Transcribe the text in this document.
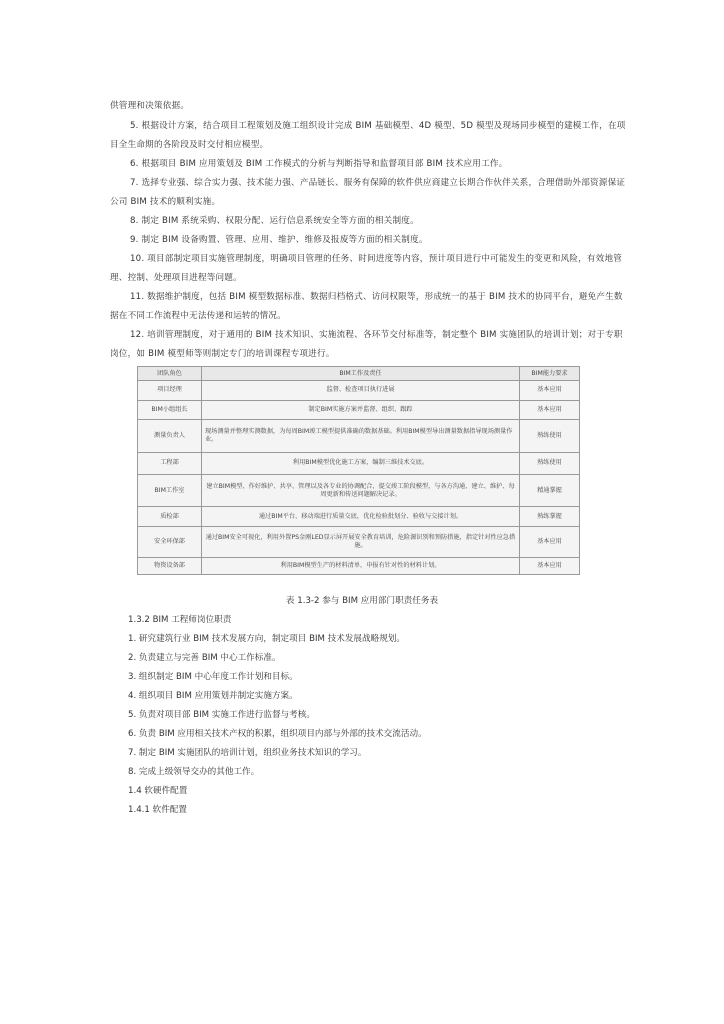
供管理和决策依据。

5. 根据设计方案，结合项目工程策划及施工组织设计完成 BIM 基础模型、4D 模型、5D 模型及现场同步模型的建模工作，在项目全生命期的各阶段及时交付相应模型。

6. 根据项目 BIM 应用策划及 BIM 工作模式的分析与判断指导和监督项目部 BIM 技术应用工作。

7. 选择专业强、综合实力强、技术能力强、产品链长、服务有保障的软件供应商建立长期合作伙伴关系，合理借助外部资源保证公司 BIM 技术的顺利实施。

8. 制定 BIM 系统采购、权限分配、运行信息系统安全等方面的相关制度。

9. 制定 BIM 设备购置、管理、应用、维护、维修及报废等方面的相关制度。

10. 项目部制定项目实施管理制度，明确项目管理的任务、时间进度等内容，预计项目进行中可能发生的变更和风险，有效地管理、控制、处理项目进程等问题。

11. 数据维护制度，包括 BIM 模型数据标准、数据归档格式、访问权限等，形成统一的基于 BIM 技术的协同平台，避免产生数据在不同工作流程中无法传递和运转的情况。

12. 培训管理制度，对于通用的 BIM 技术知识、实施流程、各环节交付标准等，制定整个 BIM 实施团队的培训计划；对于专职岗位，如 BIM 模型师等则制定专门的培训课程专项进行。

团队角色	BIM工作及责任	BIM能力要求
项目经理	监督、检查项目执行进展	基本应用
BIM小组组长	制定BIM实施方案并监督、组织、跟踪	基本应用
测量负责人	现场测量并整理实测数据，为每周BIM竣工模型提供准确的数据基础。利用BIM模型导出测量数据指导现场测量作业。	熟练使用
工程部	利用BIM模型优化施工方案，编制三维技术交底。	熟练使用
BIM工作室	建立BIM模型、作好维护、共享、管理以及各专业的协调配合，提交竣工阶段模型，与各方沟通、建立、维护、每周更新和传送问题解决记录。	精通掌握
质检部	通过BIM平台、移动端进行质量交底，优化检验批划分、验收与交接计划。	熟练掌握
安全环保部	通过BIM安全可视化，利用外置PS金刚LED显示屏开展安全教育培训，危险源识别和预防措施，指定针对性应急措施。	基本应用
物资设备部	利用BIM模型生产的材料清单，申报有针对性的材料计划。	基本应用

表 1.3-2 参与 BIM 应用部门职责任务表

1.3.2 BIM 工程师岗位职责

1. 研究建筑行业 BIM 技术发展方向，制定项目 BIM 技术发展战略规划。

2. 负责建立与完善 BIM 中心工作标准。

3. 组织制定 BIM 中心年度工作计划和目标。

4. 组织项目 BIM 应用策划并制定实施方案。

5. 负责对项目部 BIM 实施工作进行监督与考核。

6. 负责 BIM 应用相关技术产权的积累，组织项目内部与外部的技术交流活动。

7. 制定 BIM 实施团队的培训计划，组织业务技术知识的学习。

8. 完成上级领导交办的其他工作。

1.4 软硬件配置

1.4.1 软件配置
